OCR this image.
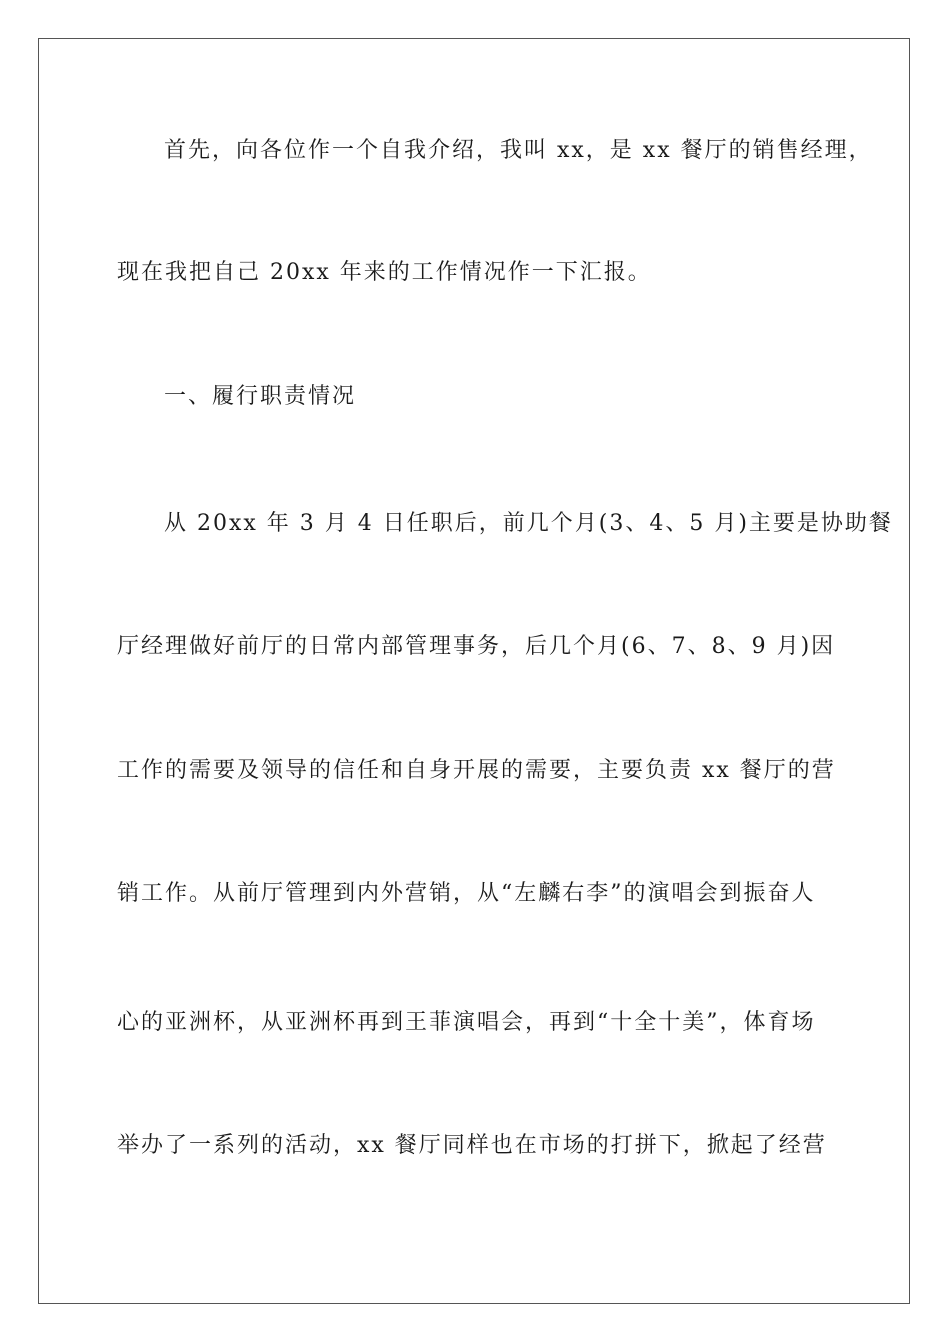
首先，向各位作一个自我介绍，我叫 xx，是 xx 餐厅的销售经理，
现在我把自己 20xx 年来的工作情况作一下汇报。
一、履行职责情况
从 20xx 年 3 月 4 日任职后，前几个月(3、4、5 月)主要是协助餐
厅经理做好前厅的日常内部管理事务，后几个月(6、7、8、9 月)因
工作的需要及领导的信任和自身开展的需要，主要负责 xx 餐厅的营
销工作。从前厅管理到内外营销，从“左麟右李”的演唱会到振奋人
心的亚洲杯，从亚洲杯再到王菲演唱会，再到“十全十美”，体育场
举办了一系列的活动，xx 餐厅同样也在市场的打拼下，掀起了经营
